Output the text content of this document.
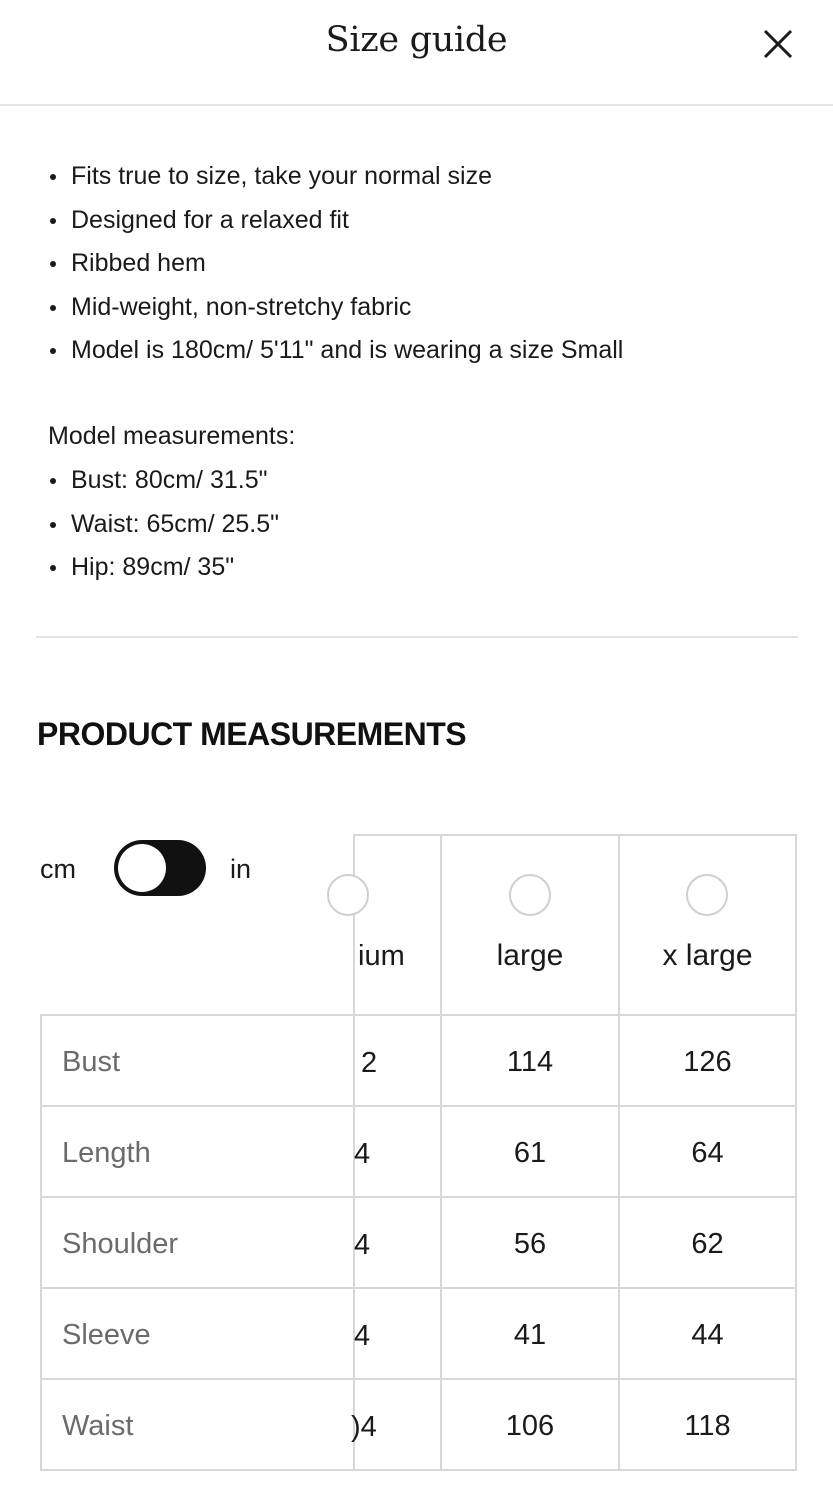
Size guide
Fits true to size, take your normal size
Designed for a relaxed fit
Ribbed hem
Mid-weight, non-stretchy fabric
Model is 180cm/ 5'11" and is wearing a size Small
Model measurements:
Bust: 80cm/ 31.5"
Waist: 65cm/ 25.5"
Hip: 89cm/ 35"
PRODUCT MEASUREMENTS
cm	in
ium
2
4
4
4
)4
large	x large
Bust
Length
Shoulder
Sleeve
Waist
114
61
56
41
106
126
64
62
44
118
